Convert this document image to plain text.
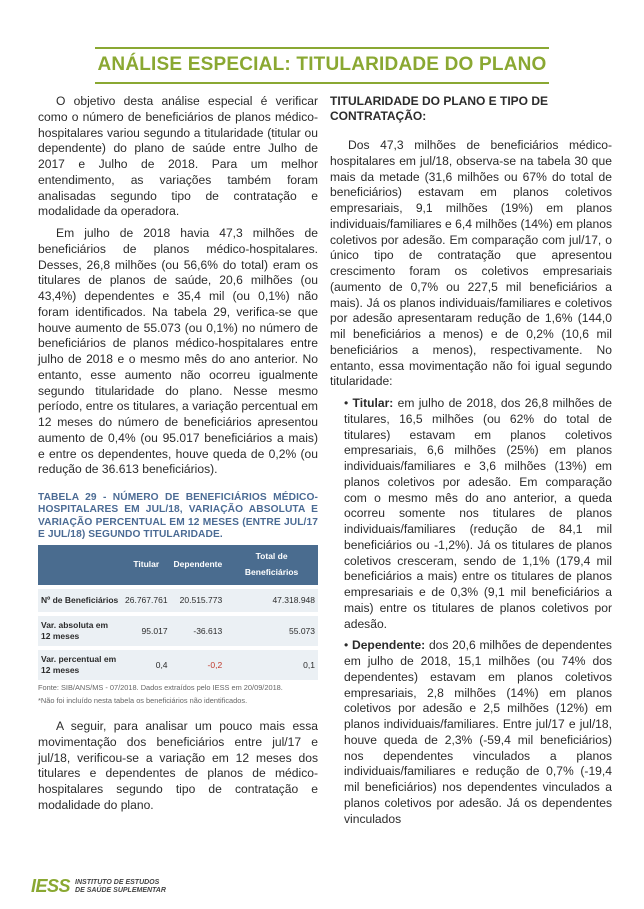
ANÁLISE ESPECIAL: TITULARIDADE DO PLANO

O objetivo desta análise especial é verificar como o número de beneficiários de planos médico-hospitalares variou segundo a titularidade (titular ou dependente) do plano de saúde entre Julho de 2017 e Julho de 2018. Para um melhor entendimento, as variações também foram analisadas segundo tipo de contratação e modalidade da operadora.

Em julho de 2018 havia 47,3 milhões de beneficiários de planos médico-hospitalares. Desses, 26,8 milhões (ou 56,6% do total) eram os titulares de planos de saúde, 20,6 milhões (ou 43,4%) dependentes e 35,4 mil (ou 0,1%) não foram identificados. Na tabela 29, verifica-se que houve aumento de 55.073 (ou 0,1%) no número de beneficiários de planos médico-hospitalares entre julho de 2018 e o mesmo mês do ano anterior. No entanto, esse aumento não ocorreu igualmente segundo titularidade do plano. Nesse mesmo período, entre os titulares, a variação percentual em 12 meses do número de beneficiários apresentou aumento de 0,4% (ou 95.017 beneficiários a mais) e entre os dependentes, houve queda de 0,2% (ou redução de 36.613 beneficiários).

TABELA 29 - NÚMERO DE BENEFICIÁRIOS MÉDICO-HOSPITALARES EM JUL/18, VARIAÇÃO ABSOLUTA E VARIAÇÃO PERCENTUAL EM 12 MESES (ENTRE JUL/17 E JUL/18) SEGUNDO TITULARIDADE.
	Titular	Dependente	Total de Beneficiários
Nº de Beneficiários	26.767.761	20.515.773	47.318.948
Var. absoluta em 12 meses	95.017	-36.613	55.073
Var. percentual em 12 meses	0,4	-0,2	0,1
Fonte: SIB/ANS/MS - 07/2018. Dados extraídos pelo IESS em 20/09/2018.
*Não foi incluído nesta tabela os beneficiários não identificados.

A seguir, para analisar um pouco mais essa movimentação dos beneficiários entre jul/17 e jul/18, verificou-se a variação em 12 meses dos titulares e dependentes de planos de médico-hospitalares segundo tipo de contratação e modalidade do plano.

TITULARIDADE DO PLANO E TIPO DE CONTRATAÇÃO:

Dos 47,3 milhões de beneficiários médico-hospitalares em jul/18, observa-se na tabela 30 que mais da metade (31,6 milhões ou 67% do total de beneficiários) estavam em planos coletivos empresariais, 9,1 milhões (19%) em planos individuais/familiares e 6,4 milhões (14%) em planos coletivos por adesão. Em comparação com jul/17, o único tipo de contratação que apresentou crescimento foram os coletivos empresariais (aumento de 0,7% ou 227,5 mil beneficiários a mais). Já os planos individuais/familiares e coletivos por adesão apresentaram redução de 1,6% (144,0 mil beneficiários a menos) e de 0,2% (10,6 mil beneficiários a menos), respectivamente. No entanto, essa movimentação não foi igual segundo titularidade:

• Titular: em julho de 2018, dos 26,8 milhões de titulares, 16,5 milhões (ou 62% do total de titulares) estavam em planos coletivos empresariais, 6,6 milhões (25%) em planos individuais/familiares e 3,6 milhões (13%) em planos coletivos por adesão. Em comparação com o mesmo mês do ano anterior, a queda ocorreu somente nos titulares de planos individuais/familiares (redução de 84,1 mil beneficiários ou -1,2%). Já os titulares de planos coletivos cresceram, sendo de 1,1% (179,4 mil beneficiários a mais) entre os titulares de planos empresariais e de 0,3% (9,1 mil beneficiários a mais) entre os titulares de planos coletivos por adesão.

• Dependente: dos 20,6 milhões de dependentes em julho de 2018, 15,1 milhões (ou 74% dos dependentes) estavam em planos coletivos empresariais, 2,8 milhões (14%) em planos coletivos por adesão e 2,5 milhões (12%) em planos individuais/familiares. Entre jul/17 e jul/18, houve queda de 2,3% (-59,4 mil beneficiários) nos dependentes vinculados a planos individuais/familiares e redução de 0,7% (-19,4 mil beneficiários) nos dependentes vinculados a planos coletivos por adesão. Já os dependentes vinculados

IESS INSTITUTO DE ESTUDOS
DE SAÚDE SUPLEMENTAR
